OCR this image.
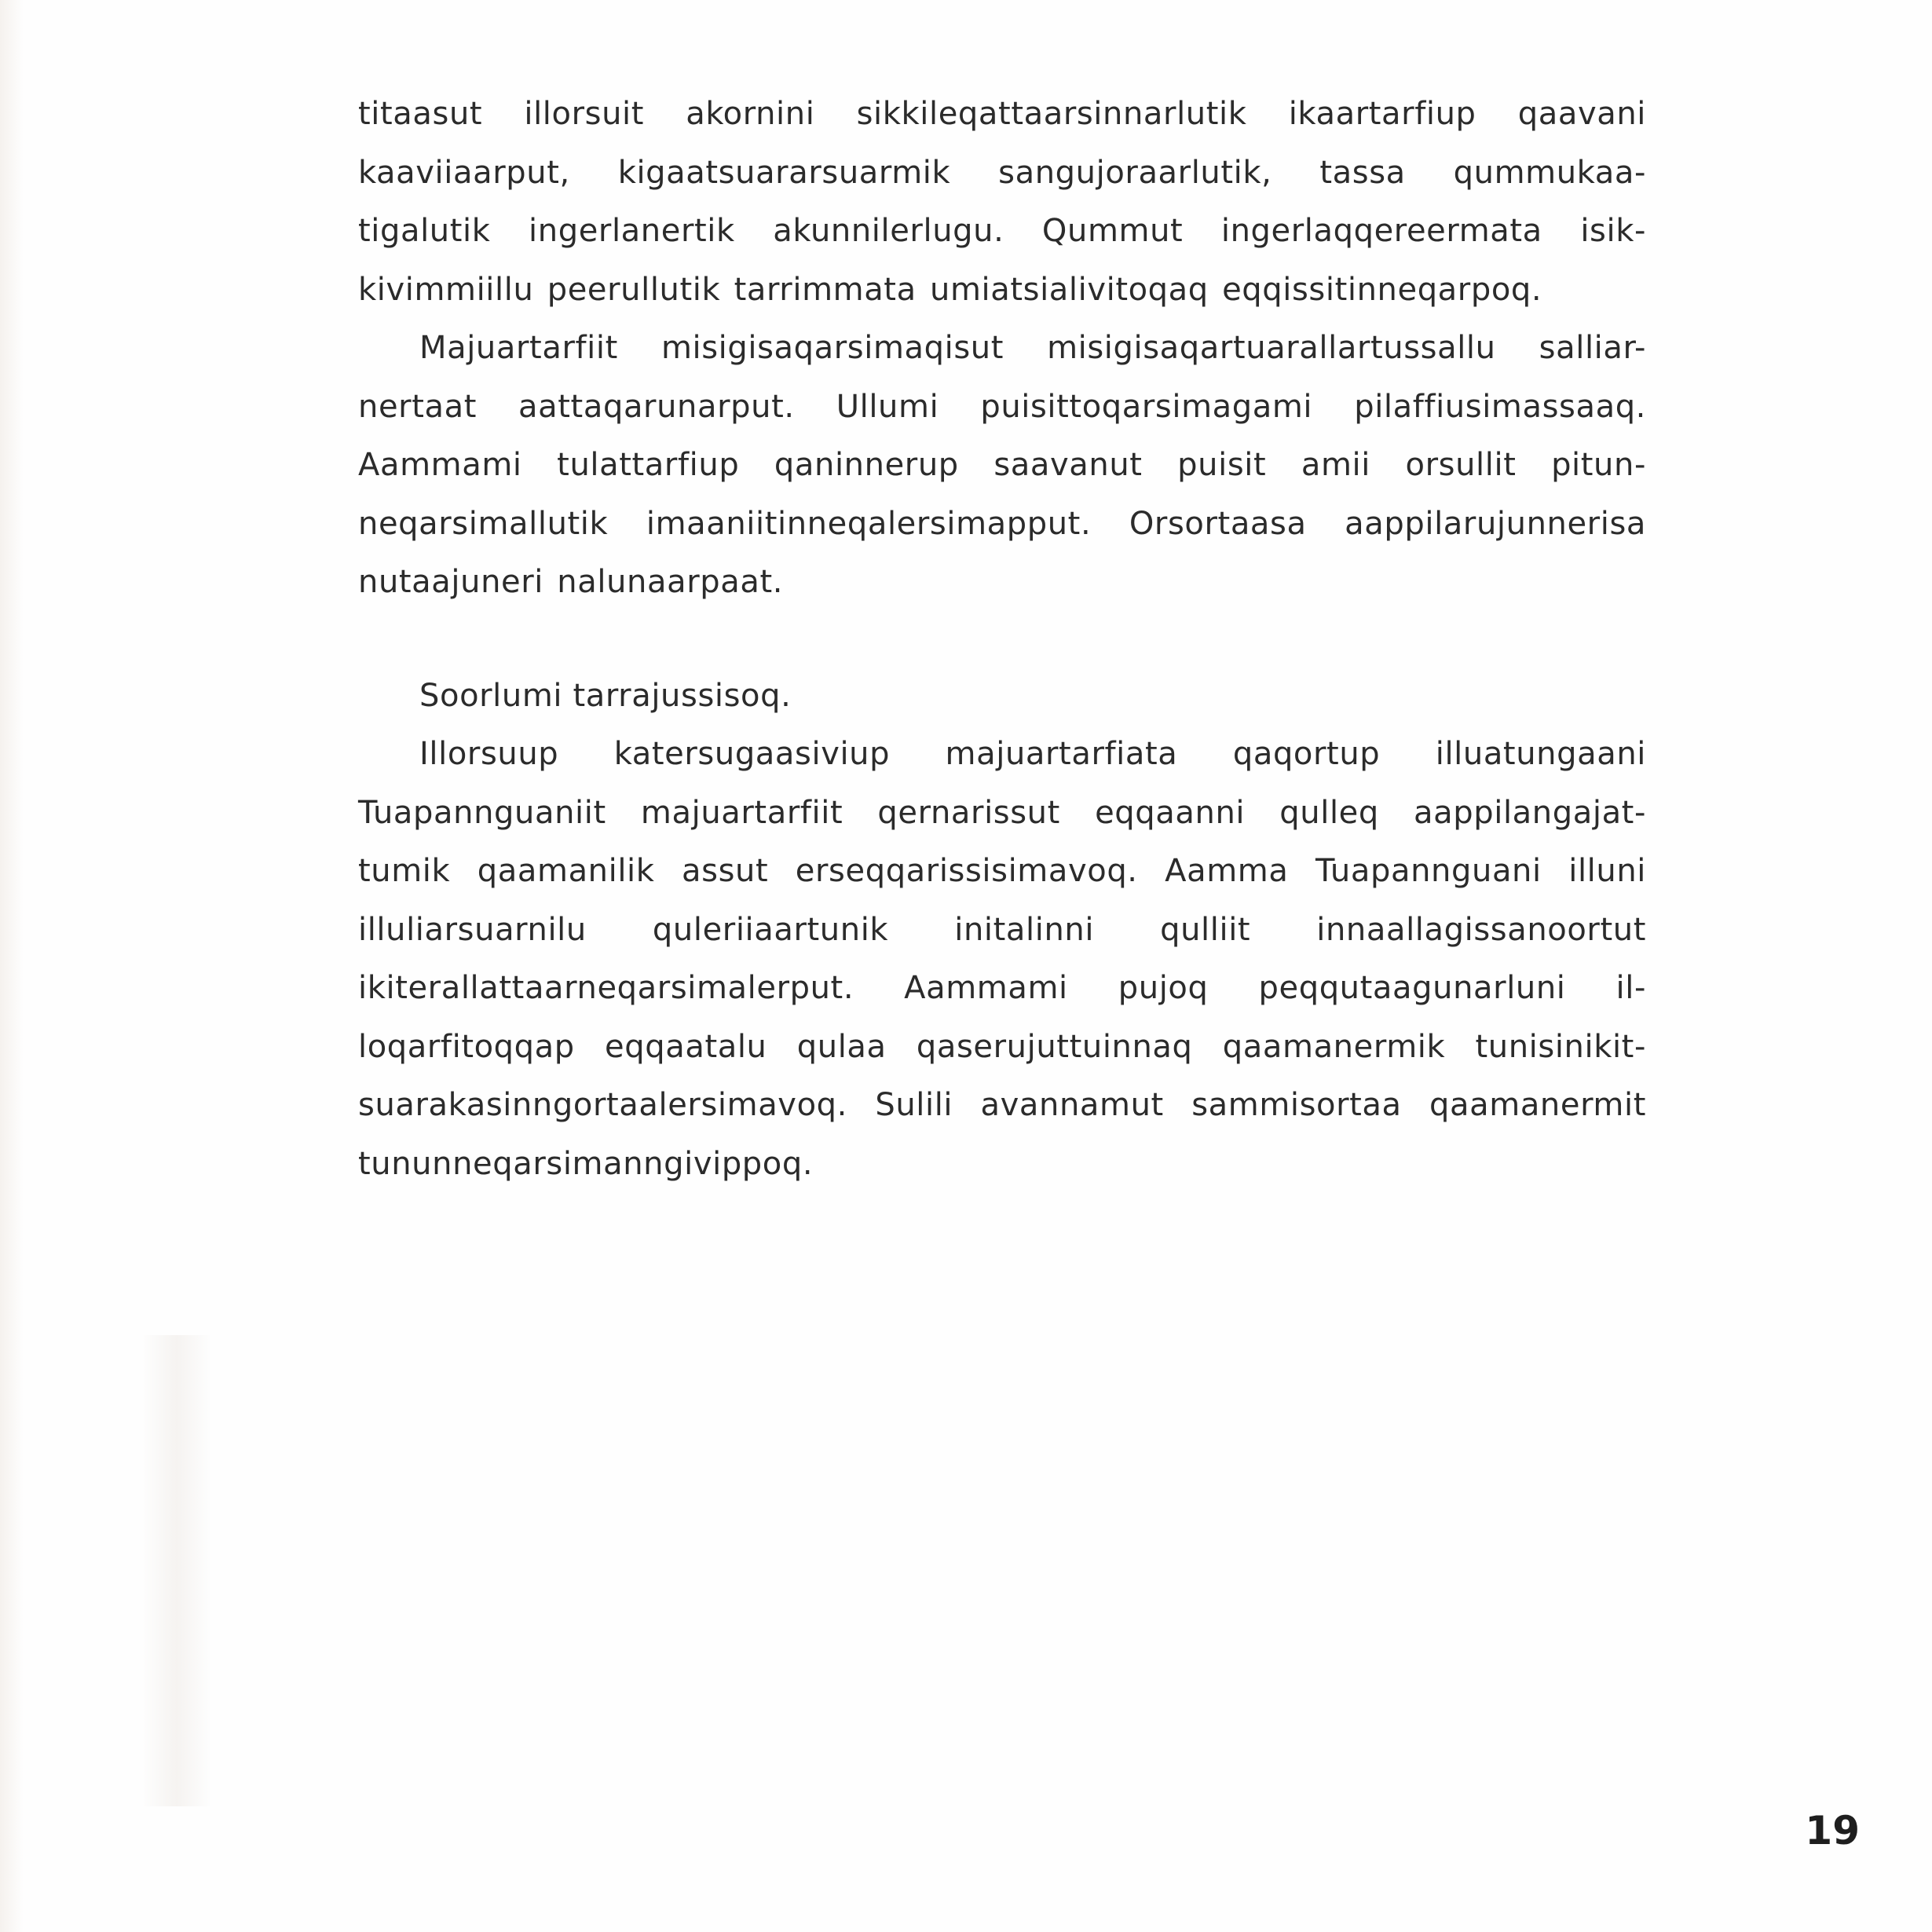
titaasut illorsuit akornini sikkileqattaarsinnarlutik ikaartarfiup qaavani
kaaviiaarput, kigaatsuararsuarmik sangujoraarlutik, tassa qummukaa-
tigalutik ingerlanertik akunnilerlugu. Qummut ingerlaqqereermata isik-
kivimmiillu peerullutik tarrimmata umiatsialivitoqaq eqqissitinneqarpoq.

Majuartarfiit misigisaqarsimaqisut misigisaqartuarallartussallu salliar-
nertaat aattaqarunarput. Ullumi puisittoqarsimagami pilaffiusimassaaq.
Aammami tulattarfiup qaninnerup saavanut puisit amii orsullit pitun-
neqarsimallutik imaaniitinneqalersimapput. Orsortaasa aappilarujunnerisa
nutaajuneri nalunaarpaat.

Soorlumi tarrajussisoq.

Illorsuup katersugaasiviup majuartarfiata qaqortup illuatungaani
Tuapannguaniit majuartarfiit qernarissut eqqaanni qulleq aappilangajat-
tumik qaamanilik assut erseqqarissisimavoq. Aamma Tuapannguani illuni
illuliarsuarnilu quleriiaartunik initalinni qulliit innaallagissanoortut
ikiterallattaarneqarsimalerput. Aammami pujoq peqqutaagunarluni il-
loqarfitoqqap eqqaatalu qulaa qaserujuttuinnaq qaamanermik tunisinikit-
suarakasinngortaalersimavoq. Sulili avannamut sammisortaa qaamanermit
tununneqarsimanngivippoq.

19
